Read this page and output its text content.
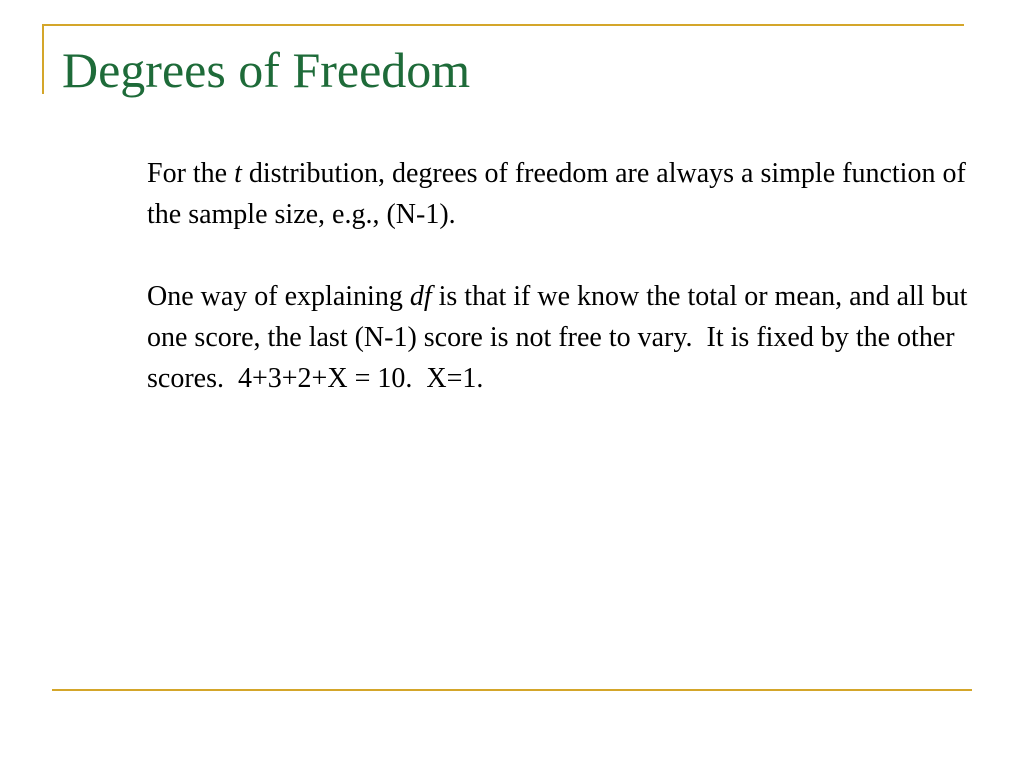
Degrees of Freedom

For the t distribution, degrees of freedom are always a simple function of the sample size, e.g., (N-1).

One way of explaining df is that if we know the total or mean, and all but one score, the last (N-1) score is not free to vary.  It is fixed by the other scores.  4+3+2+X = 10.  X=1.
